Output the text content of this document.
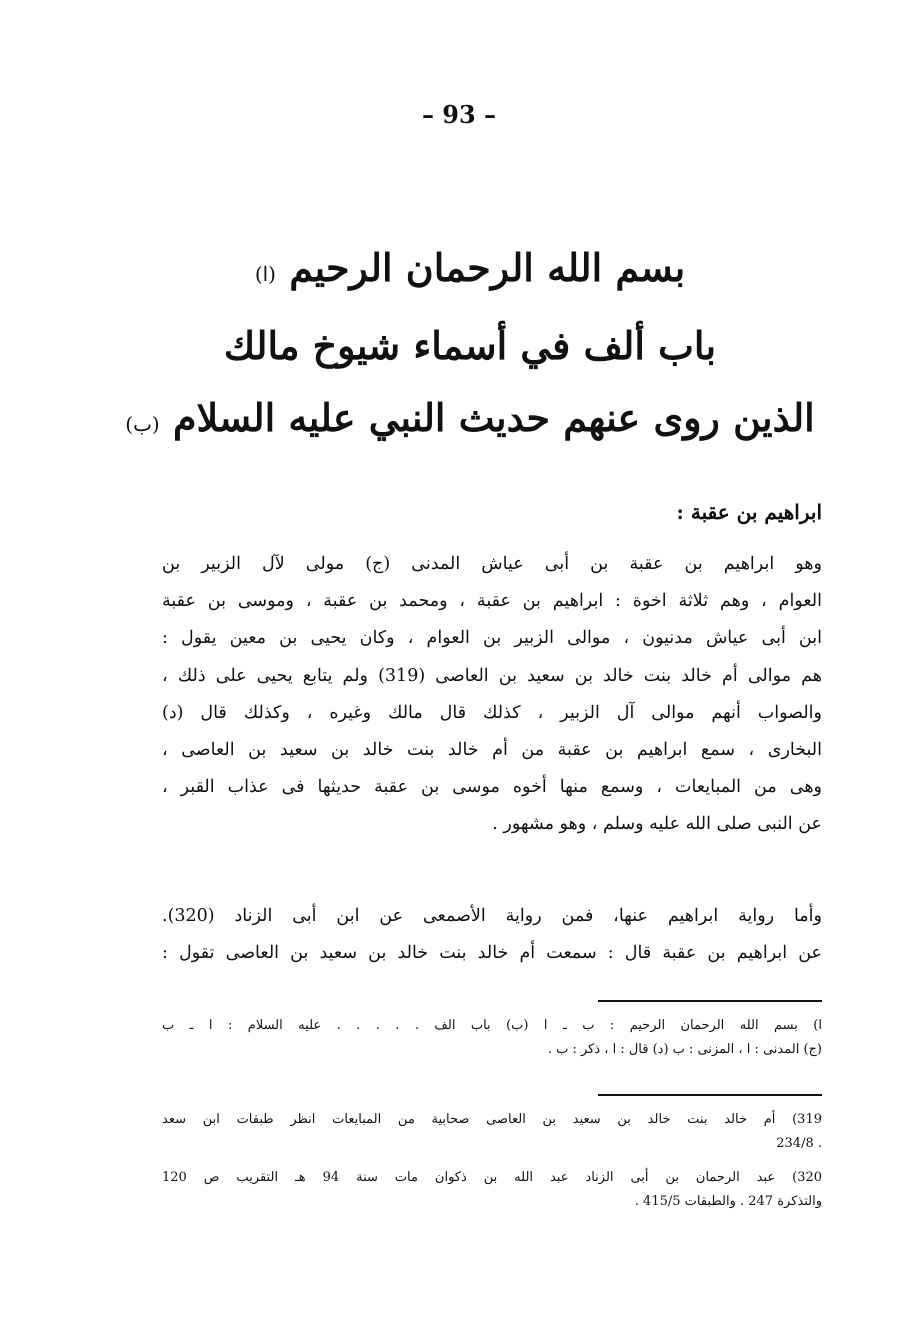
– 93 –
بسم الله الرحمان الرحيم (ا)
باب ألف في أسماء شيوخ مالك
الذين روى عنهم حديث النبي عليه السلام (ب)
ابراهيم بن عقبة :
وهو ابراهيم بن عقبة بن أبى عياش المدنى (ج) مولى لآل الزبير بن
العوام ، وهم ثلاثة اخوة : ابراهيم بن عقبة ، ومحمد بن عقبة ، وموسى بن عقبة
ابن أبى عياش مدنيون ، موالى الزبير بن العوام ، وكان يحيى بن معين يقول :
هم موالى أم خالد بنت خالد بن سعيد بن العاصى (319) ولم يتابع يحيى على ذلك ،
والصواب أنهم موالى آل الزبير ، كذلك قال مالك وغيره ، وكذلك قال (د)
البخارى ، سمع ابراهيم بن عقبة من أم خالد بنت خالد بن سعيد بن العاصى ،
وهى من المبايعات ، وسمع منها أخوه موسى بن عقبة حديثها فى عذاب القبر ،
عن النبى صلى الله عليه وسلم ، وهو مشهور .
وأما رواية ابراهيم عنها، فمن رواية الأصمعى عن ابن أبى الزناد (320).
عن ابراهيم بن عقبة قال : سمعت أم خالد بنت خالد بن سعيد بن العاصى تقول :
ا) بسم الله الرحمان الرحيم : ب ـ ا (ب) باب الف . . . . . عليه السلام : ا ـ ب
(ج) المدنى : ا ، المزنى : ب (د) قال : ا ، ذكر : ب .
319) أم خالد بنت خالد بن سعيد بن العاصى صحابية من المبايعات انظر طبقات ابن سعد
. 234/8
320) عبد الرحمان بن أبى الزناد عبد الله بن ذكوان مات سنة 94 هـ التقريب ص 120
والتذكرة 247 . والطبقات 415/5 .
